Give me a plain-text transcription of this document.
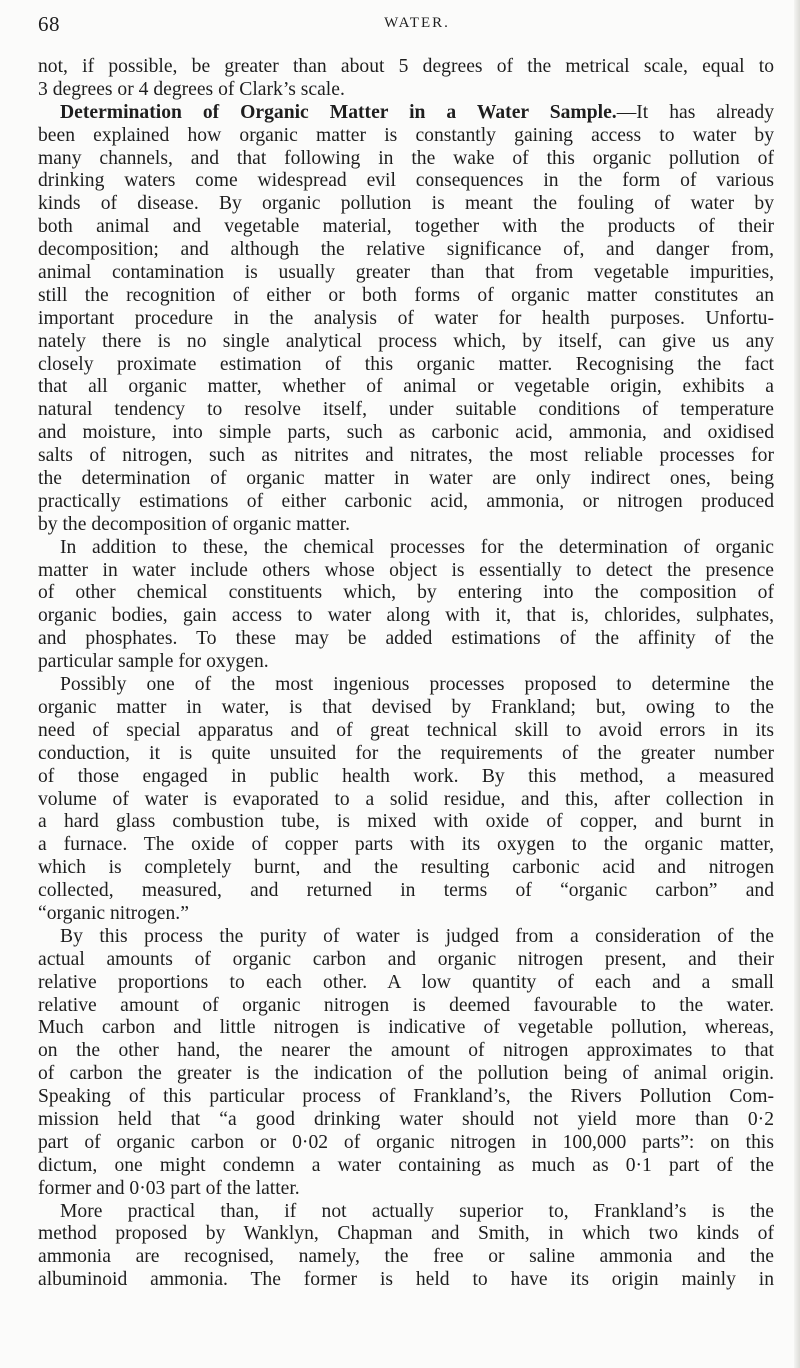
68	WATER.
not, if possible, be greater than about 5 degrees of the metrical scale, equal to
3 degrees or 4 degrees of Clark’s scale.
Determination of Organic Matter in a Water Sample.—It has already
been explained how organic matter is constantly gaining access to water by
many channels, and that following in the wake of this organic pollution of
drinking waters come widespread evil consequences in the form of various
kinds of disease. By organic pollution is meant the fouling of water by
both animal and vegetable material, together with the products of their
decomposition; and although the relative significance of, and danger from,
animal contamination is usually greater than that from vegetable impurities,
still the recognition of either or both forms of organic matter constitutes an
important procedure in the analysis of water for health purposes. Unfortu-
nately there is no single analytical process which, by itself, can give us any
closely proximate estimation of this organic matter. Recognising the fact
that all organic matter, whether of animal or vegetable origin, exhibits a
natural tendency to resolve itself, under suitable conditions of temperature
and moisture, into simple parts, such as carbonic acid, ammonia, and oxidised
salts of nitrogen, such as nitrites and nitrates, the most reliable processes for
the determination of organic matter in water are only indirect ones, being
practically estimations of either carbonic acid, ammonia, or nitrogen produced
by the decomposition of organic matter.
In addition to these, the chemical processes for the determination of organic
matter in water include others whose object is essentially to detect the presence
of other chemical constituents which, by entering into the composition of
organic bodies, gain access to water along with it, that is, chlorides, sulphates,
and phosphates. To these may be added estimations of the affinity of the
particular sample for oxygen.
Possibly one of the most ingenious processes proposed to determine the
organic matter in water, is that devised by Frankland; but, owing to the
need of special apparatus and of great technical skill to avoid errors in its
conduction, it is quite unsuited for the requirements of the greater number
of those engaged in public health work. By this method, a measured
volume of water is evaporated to a solid residue, and this, after collection in
a hard glass combustion tube, is mixed with oxide of copper, and burnt in
a furnace. The oxide of copper parts with its oxygen to the organic matter,
which is completely burnt, and the resulting carbonic acid and nitrogen
collected, measured, and returned in terms of “organic carbon” and
“organic nitrogen.”
By this process the purity of water is judged from a consideration of the
actual amounts of organic carbon and organic nitrogen present, and their
relative proportions to each other. A low quantity of each and a small
relative amount of organic nitrogen is deemed favourable to the water.
Much carbon and little nitrogen is indicative of vegetable pollution, whereas,
on the other hand, the nearer the amount of nitrogen approximates to that
of carbon the greater is the indication of the pollution being of animal origin.
Speaking of this particular process of Frankland’s, the Rivers Pollution Com-
mission held that “a good drinking water should not yield more than 0·2
part of organic carbon or 0·02 of organic nitrogen in 100,000 parts”: on this
dictum, one might condemn a water containing as much as 0·1 part of the
former and 0·03 part of the latter.
More practical than, if not actually superior to, Frankland’s is the
method proposed by Wanklyn, Chapman and Smith, in which two kinds of
ammonia are recognised, namely, the free or saline ammonia and the
albuminoid ammonia. The former is held to have its origin mainly in
